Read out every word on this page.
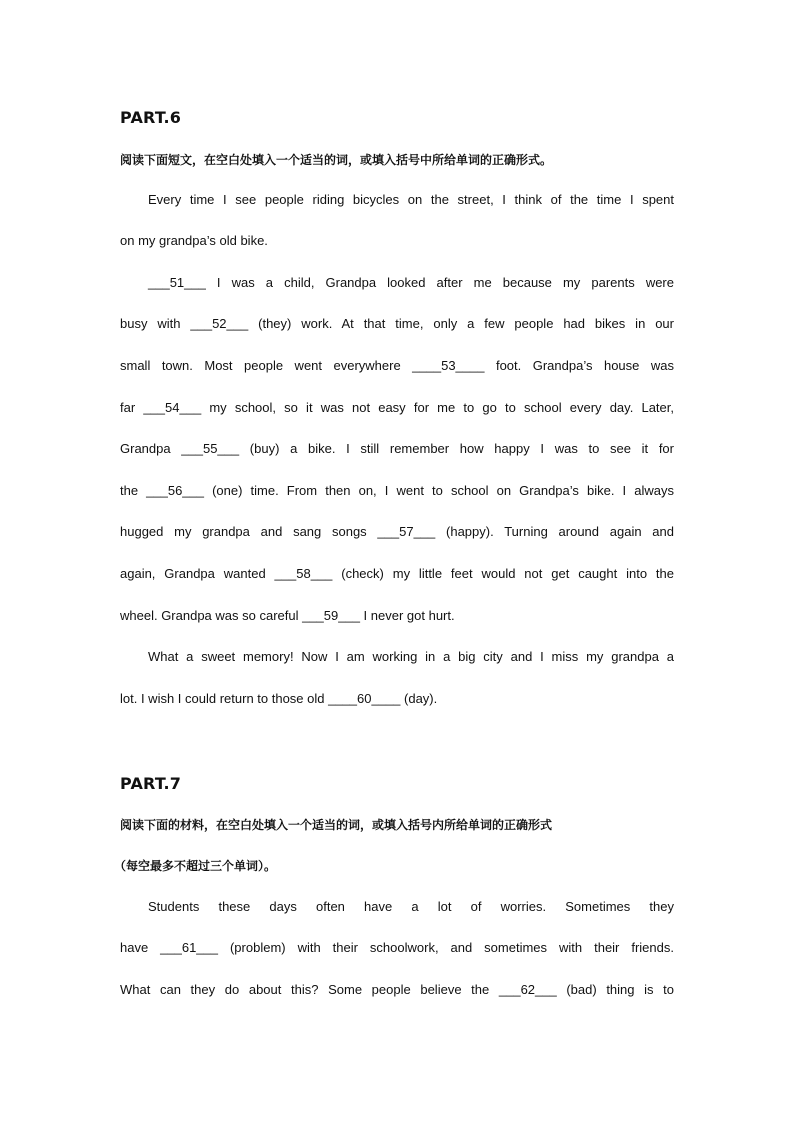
PART.6

阅读下面短文，在空白处填入一个适当的词，或填入括号中所给单词的正确形式。

Every time I see people riding bicycles on the street, I think of the time I spent

on my grandpa’s old bike.

___51___ I was a child, Grandpa looked after me because my parents were

busy with ___52___ (they) work. At that time, only a few people had bikes in our

small town. Most people went everywhere ____53____ foot. Grandpa’s house was

far ___54___ my school, so it was not easy for me to go to school every day. Later,

Grandpa ___55___ (buy) a bike. I still remember how happy I was to see it for

the ___56___ (one) time. From then on, I went to school on Grandpa’s bike. I always

hugged my grandpa and sang songs ___57___ (happy). Turning around again and

again, Grandpa wanted ___58___ (check) my little feet would not get caught into the

wheel. Grandpa was so careful ___59___ I never got hurt.

What a sweet memory! Now I am working in a big city and I miss my grandpa a

lot. I wish I could return to those old ____60____ (day).

PART.7

阅读下面的材料，在空白处填入一个适当的词，或填入括号内所给单词的正确形式

（每空最多不超过三个单词）。

Students these days often have a lot of worries. Sometimes they

have ___61___ (problem) with their schoolwork, and sometimes with their friends.

What can they do about this? Some people believe the ___62___ (bad) thing is to
